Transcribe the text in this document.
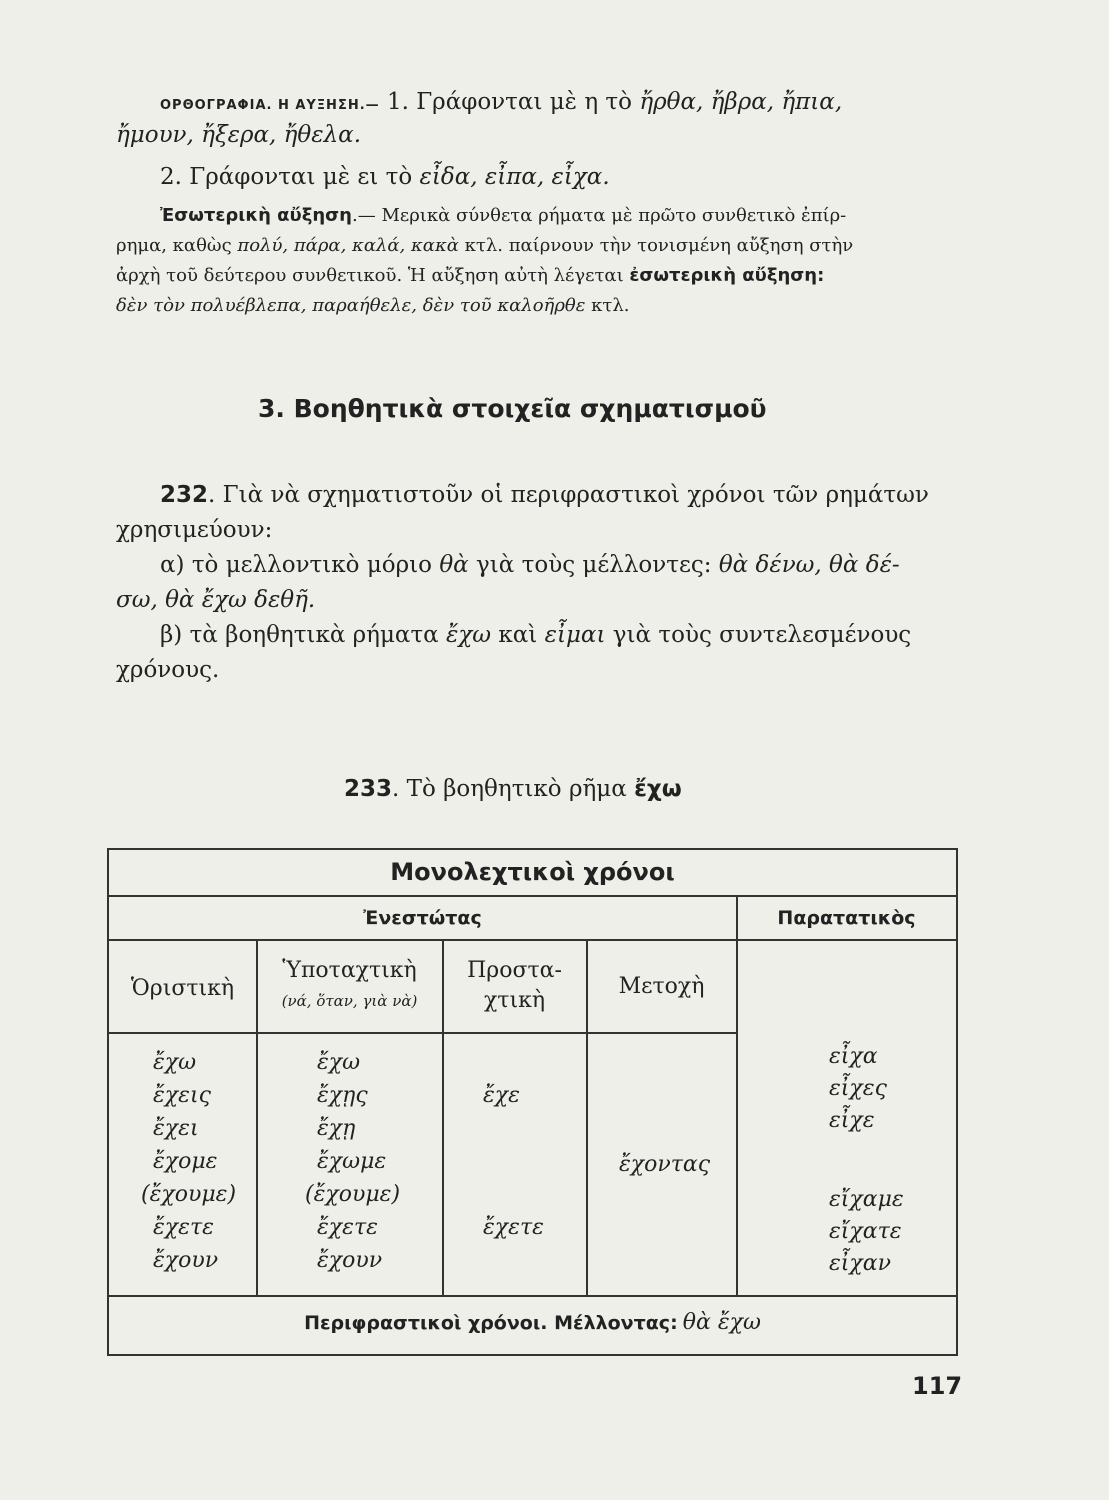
ΟΡΘΟΓΡΑΦΙΑ. Η ΑΥΞΗΣΗ.— 1. Γράφονται μὲ η τὸ ἤρθα, ἤβρα, ἤπια,
ἤμουν, ἤξερα, ἤθελα.
2. Γράφονται μὲ ει τὸ εἶδα, εἶπα, εἶχα.
Ἐσωτερικὴ αὔξηση.— Μερικὰ σύνθετα ρήματα μὲ πρῶτο συνθετικὸ ἐπίρ-
ρημα, καθὼς πολύ, πάρα, καλά, κακὰ κτλ. παίρνουν τὴν τονισμένη αὔξηση στὴν
ἀρχὴ τοῦ δεύτερου συνθετικοῦ. Ἡ αὔξηση αὐτὴ λέγεται ἐσωτερικὴ αὔξηση:
δὲν τὸν πολυέβλεπα, παραήθελε, δὲν τοῦ καλοῆρθε κτλ.
3. Βοηθητικὰ στοιχεῖα σχηματισμοῦ
232. Γιὰ νὰ σχηματιστοῦν οἱ περιφραστικοὶ χρόνοι τῶν ρημάτων
χρησιμεύουν:
α) τὸ μελλοντικὸ μόριο θὰ γιὰ τοὺς μέλλοντες: θὰ δένω, θὰ δέ-
σω, θὰ ἔχω δεθῆ.
β) τὰ βοηθητικὰ ρήματα ἔχω καὶ εἶμαι γιὰ τοὺς συντελεσμένους
χρόνους.
233. Τὸ βοηθητικὸ ρῆμα ἔχω
Μονολεχτικοὶ χρόνοι
Ἐνεστώτας	Παρατατικὸς
Ὁριστικὴ
Ὑποταχτικὴ
(νά, ὅταν, γιὰ νὰ)
Προστα-
χτικὴ
Μετοχὴ
ἔχω
ἔχεις
ἔχει
ἔχομε
(ἔχουμε)
ἔχετε
ἔχουν
ἔχω
ἔχῃς
ἔχῃ
ἔχωμε
(ἔχουμε)
ἔχετε
ἔχουν
ἔχε
ἔχετε
ἔχοντας
εἶχα
εἶχες
εἶχε
εἴχαμε
εἴχατε
εἶχαν
Περιφραστικοὶ χρόνοι. Μέλλοντας: θὰ ἔχω
117
